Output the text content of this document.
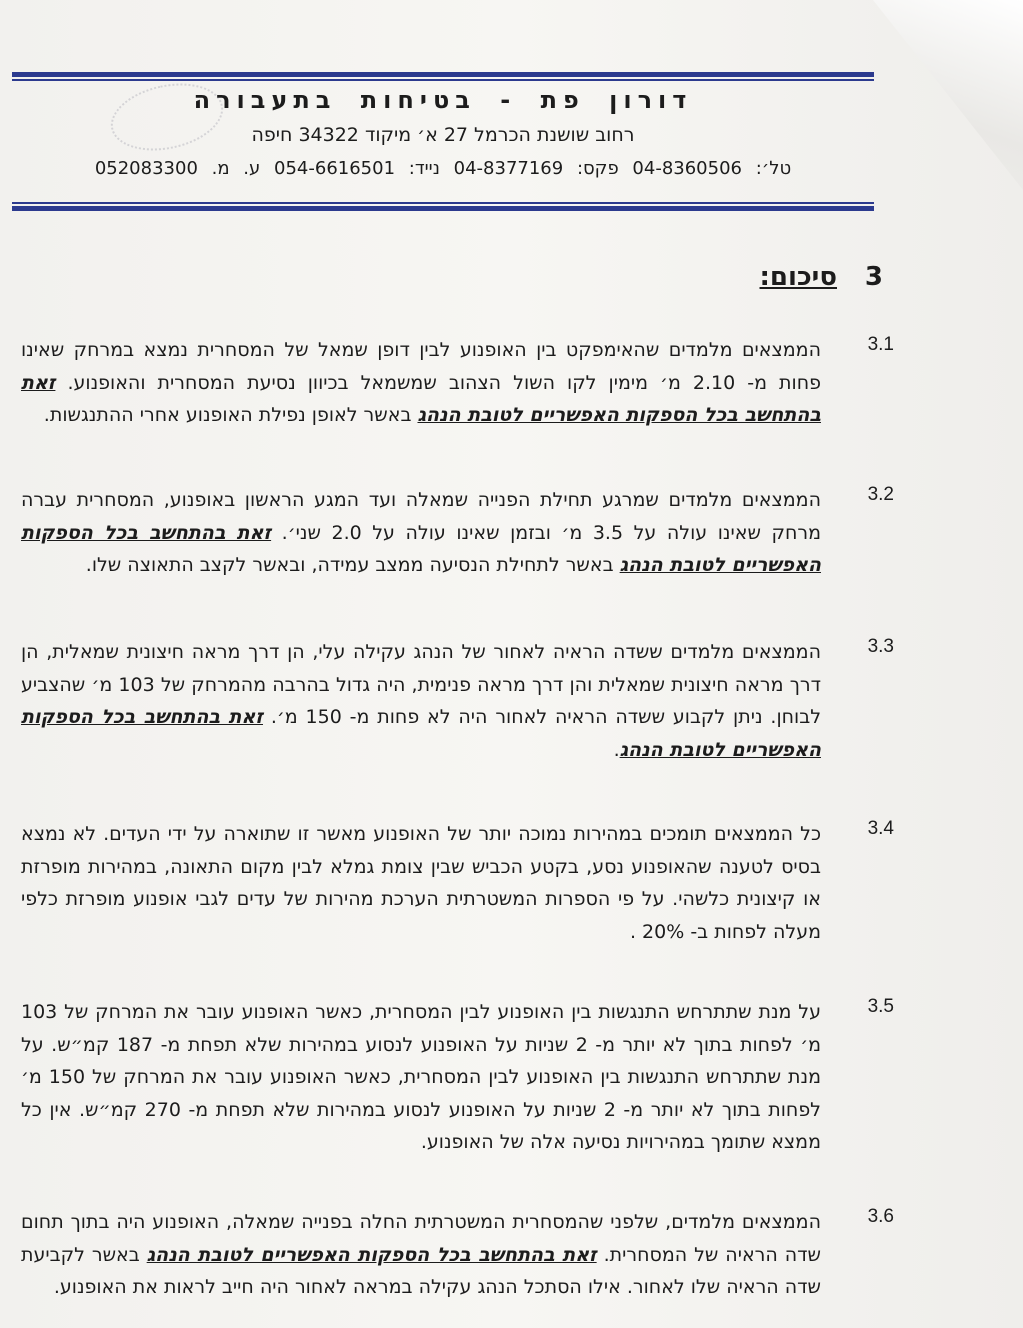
דורון פת - בטיחות בתעבורה
רחוב שושנת הכרמל 27 א׳ מיקוד 34322 חיפה
טל׳: 04-8360506 פקס: 04-8377169 נייד: 054-6616501 ע. מ. 052083300
3סיכום:
3.1
הממצאים מלמדים שהאימפקט בין האופנוע לבין דופן שמאל של המסחרית נמצא במרחק שאינו פחות מ- 2.10 מ׳ מימין לקו השול הצהוב שמשמאל בכיוון נסיעת המסחרית והאופנוע. זאת בהתחשב בכל הספקות האפשריים לטובת הנהג באשר לאופן נפילת האופנוע אחרי ההתנגשות.
3.2
הממצאים מלמדים שמרגע תחילת הפנייה שמאלה ועד המגע הראשון באופנוע, המסחרית עברה מרחק שאינו עולה על 3.5 מ׳ ובזמן שאינו עולה על 2.0 שני׳. זאת בהתחשב בכל הספקות האפשריים לטובת הנהג באשר לתחילת הנסיעה ממצב עמידה, ובאשר לקצב התאוצה שלו.
3.3
הממצאים מלמדים ששדה הראיה לאחור של הנהג עקילה עלי, הן דרך מראה חיצונית שמאלית, הן דרך מראה חיצונית שמאלית והן דרך מראה פנימית, היה גדול בהרבה מהמרחק של 103 מ׳ שהצביע לבוחן. ניתן לקבוע ששדה הראיה לאחור היה לא פחות מ- 150 מ׳. זאת בהתחשב בכל הספקות האפשריים לטובת הנהג.
3.4
כל הממצאים תומכים במהירות נמוכה יותר של האופנוע מאשר זו שתוארה על ידי העדים. לא נמצא בסיס לטענה שהאופנוע נסע, בקטע הכביש שבין צומת גמלא לבין מקום התאונה, במהירות מופרזת או קיצונית כלשהי. על פי הספרות המשטרתית הערכת מהירות של עדים לגבי אופנוע מופרזת כלפי מעלה לפחות ב- 20% .
3.5
על מנת שתתרחש התנגשות בין האופנוע לבין המסחרית, כאשר האופנוע עובר את המרחק של 103 מ׳ לפחות בתוך לא יותר מ- 2 שניות על האופנוע לנסוע במהירות שלא תפחת מ- 187 קמ״ש. על מנת שתתרחש התנגשות בין האופנוע לבין המסחרית, כאשר האופנוע עובר את המרחק של 150 מ׳ לפחות בתוך לא יותר מ- 2 שניות על האופנוע לנסוע במהירות שלא תפחת מ- 270 קמ״ש. אין כל ממצא שתומך במהירויות נסיעה אלה של האופנוע.
3.6
הממצאים מלמדים, שלפני שהמסחרית המשטרתית החלה בפנייה שמאלה, האופנוע היה בתוך תחום שדה הראיה של המסחרית. זאת בהתחשב בכל הספקות האפשריים לטובת הנהג באשר לקביעת שדה הראיה שלו לאחור. אילו הסתכל הנהג עקילה במראה לאחור היה חייב לראות את האופנוע.
